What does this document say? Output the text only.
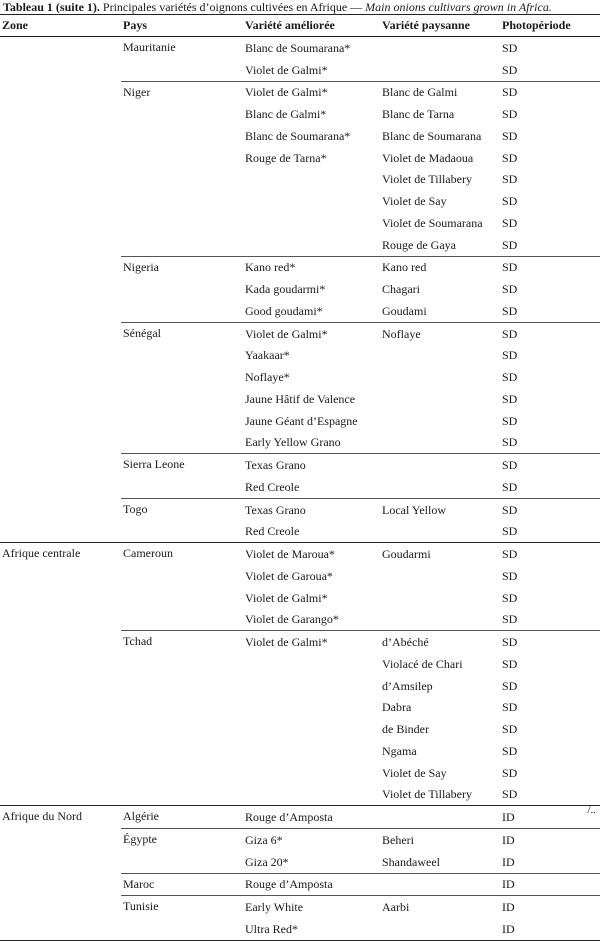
Tableau 1 (suite 1). Principales variétés d’oignons cultivées en Afrique — Main onions cultivars grown in Africa.
Zone	Pays	Variété améliorée	Variété paysanne	Photopériode
	Mauritanie	Blanc de Soumarana*		SD
		Violet de Galmi*		SD
	Niger	Violet de Galmi*	Blanc de Galmi	SD
		Blanc de Galmi*	Blanc de Tarna	SD
		Blanc de Soumarana*	Blanc de Soumarana	SD
		Rouge de Tarna*	Violet de Madaoua	SD
			Violet de Tillabery	SD
			Violet de Say	SD
			Violet de Soumarana	SD
			Rouge de Gaya	SD
	Nigeria	Kano red*	Kano red	SD
		Kada goudarmi*	Chagari	SD
		Good goudami*	Goudami	SD
	Sénégal	Violet de Galmi*	Noflaye	SD
		Yaakaar*		SD
		Noflaye*		SD
		Jaune Hâtif de Valence		SD
		Jaune Géant d’Espagne		SD
		Early Yellow Grano		SD
	Sierra Leone	Texas Grano		SD
		Red Creole		SD
	Togo	Texas Grano	Local Yellow	SD
		Red Creole		SD
Afrique centrale	Cameroun	Violet de Maroua*	Goudarmi	SD
		Violet de Garoua*		SD
		Violet de Galmi*		SD
		Violet de Garango*		SD
	Tchad	Violet de Galmi*	d’Abéché	SD
			Violacé de Chari	SD
			d’Amsilep	SD
			Dabra	SD
			de Binder	SD
			Ngama	SD
			Violet de Say	SD
			Violet de Tillabery	SD
Afrique du Nord	Algérie	Rouge d’Amposta		ID
	Égypte	Giza 6*	Beheri	ID
		Giza 20*	Shandaweel	ID
	Maroc	Rouge d’Amposta		ID
	Tunisie	Early White	Aarbi	ID
		Ultra Red*		ID
/..
